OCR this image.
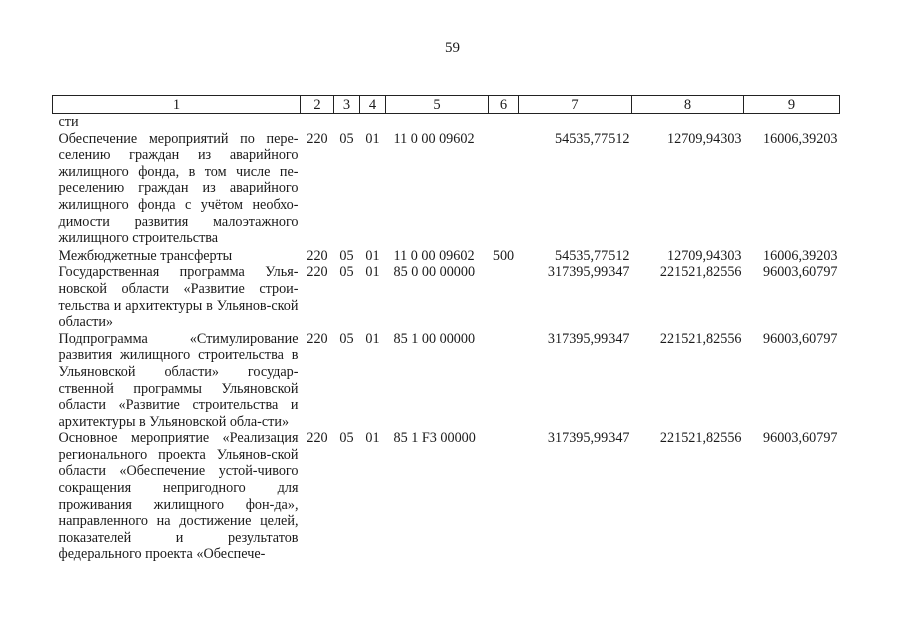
59
1	2	3	4	5	6	7	8	9
сти								
Обеспечение мероприятий по пере-селению граждан из аварийного жилищного фонда, в том числе пе-реселению граждан из аварийного жилищного фонда с учётом необхо-димости развития малоэтажного жилищного строительства	220	05	01	11 0 00 09602		54535,77512	12709,94303	16006,39203
Межбюджетные трансферты	220	05	01	11 0 00 09602	500	54535,77512	12709,94303	16006,39203
Государственная программа Улья-новской области «Развитие строи-тельства и архитектуры в Ульянов-ской области»	220	05	01	85 0 00 00000		317395,99347	221521,82556	96003,60797
Подпрограмма «Стимулирование развития жилищного строительства в Ульяновской области» государ-ственной программы Ульяновской области «Развитие строительства и архитектуры в Ульяновской обла-сти»	220	05	01	85 1 00 00000		317395,99347	221521,82556	96003,60797
Основное мероприятие «Реализация регионального проекта Ульянов-ской области «Обеспечение устой-чивого сокращения непригодного для проживания жилищного фон-да», направленного на достижение целей, показателей и результатов федерального проекта «Обеспече-	220	05	01	85 1 F3 00000		317395,99347	221521,82556	96003,60797
